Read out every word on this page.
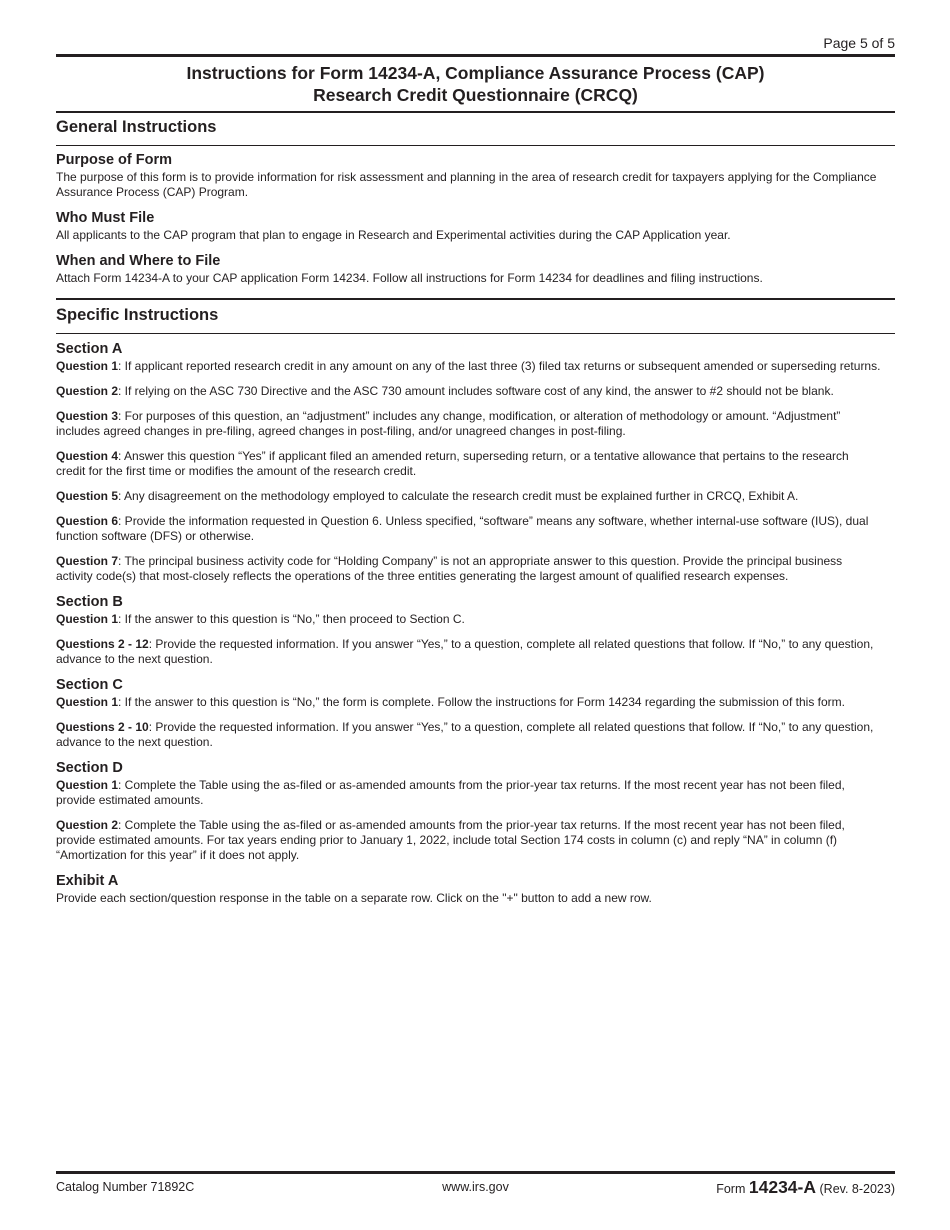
Page 5 of 5
Instructions for Form 14234-A, Compliance Assurance Process (CAP)
Research Credit Questionnaire (CRCQ)
General Instructions
Purpose of Form

The purpose of this form is to provide information for risk assessment and planning in the area of research credit for taxpayers applying for the Compliance Assurance Process (CAP) Program.

Who Must File

All applicants to the CAP program that plan to engage in Research and Experimental activities during the CAP Application year.

When and Where to File

Attach Form 14234-A to your CAP application Form 14234. Follow all instructions for Form 14234 for deadlines and filing instructions.

Specific Instructions
Section A

Question 1: If applicant reported research credit in any amount on any of the last three (3) filed tax returns or subsequent amended or superseding returns.

Question 2: If relying on the ASC 730 Directive and the ASC 730 amount includes software cost of any kind, the answer to #2 should not be blank.

Question 3: For purposes of this question, an “adjustment” includes any change, modification, or alteration of methodology or amount. “Adjustment” includes agreed changes in pre-filing, agreed changes in post-filing, and/or unagreed changes in post-filing.

Question 4: Answer this question “Yes” if applicant filed an amended return, superseding return, or a tentative allowance that pertains to the research credit for the first time or modifies the amount of the research credit.

Question 5: Any disagreement on the methodology employed to calculate the research credit must be explained further in CRCQ, Exhibit A.

Question 6: Provide the information requested in Question 6. Unless specified, “software” means any software, whether internal-use software (IUS), dual function software (DFS) or otherwise.

Question 7: The principal business activity code for “Holding Company” is not an appropriate answer to this question. Provide the principal business activity code(s) that most-closely reflects the operations of the three entities generating the largest amount of qualified research expenses.

Section B

Question 1: If the answer to this question is “No,” then proceed to Section C.

Questions 2 - 12: Provide the requested information. If you answer “Yes,” to a question, complete all related questions that follow. If “No,” to any question, advance to the next question.

Section C

Question 1: If the answer to this question is “No,” the form is complete. Follow the instructions for Form 14234 regarding the submission of this form.

Questions 2 - 10: Provide the requested information. If you answer “Yes,” to a question, complete all related questions that follow. If “No,” to any question, advance to the next question.

Section D

Question 1: Complete the Table using the as-filed or as-amended amounts from the prior-year tax returns. If the most recent year has not been filed, provide estimated amounts.

Question 2: Complete the Table using the as-filed or as-amended amounts from the prior-year tax returns. If the most recent year has not been filed, provide estimated amounts. For tax years ending prior to January 1, 2022, include total Section 174 costs in column (c) and reply “NA” in column (f) “Amortization for this year” if it does not apply.

Exhibit A

Provide each section/question response in the table on a separate row. Click on the "+" button to add a new row.

Catalog Number 71892C	www.irs.gov	Form 14234-A (Rev. 8-2023)
